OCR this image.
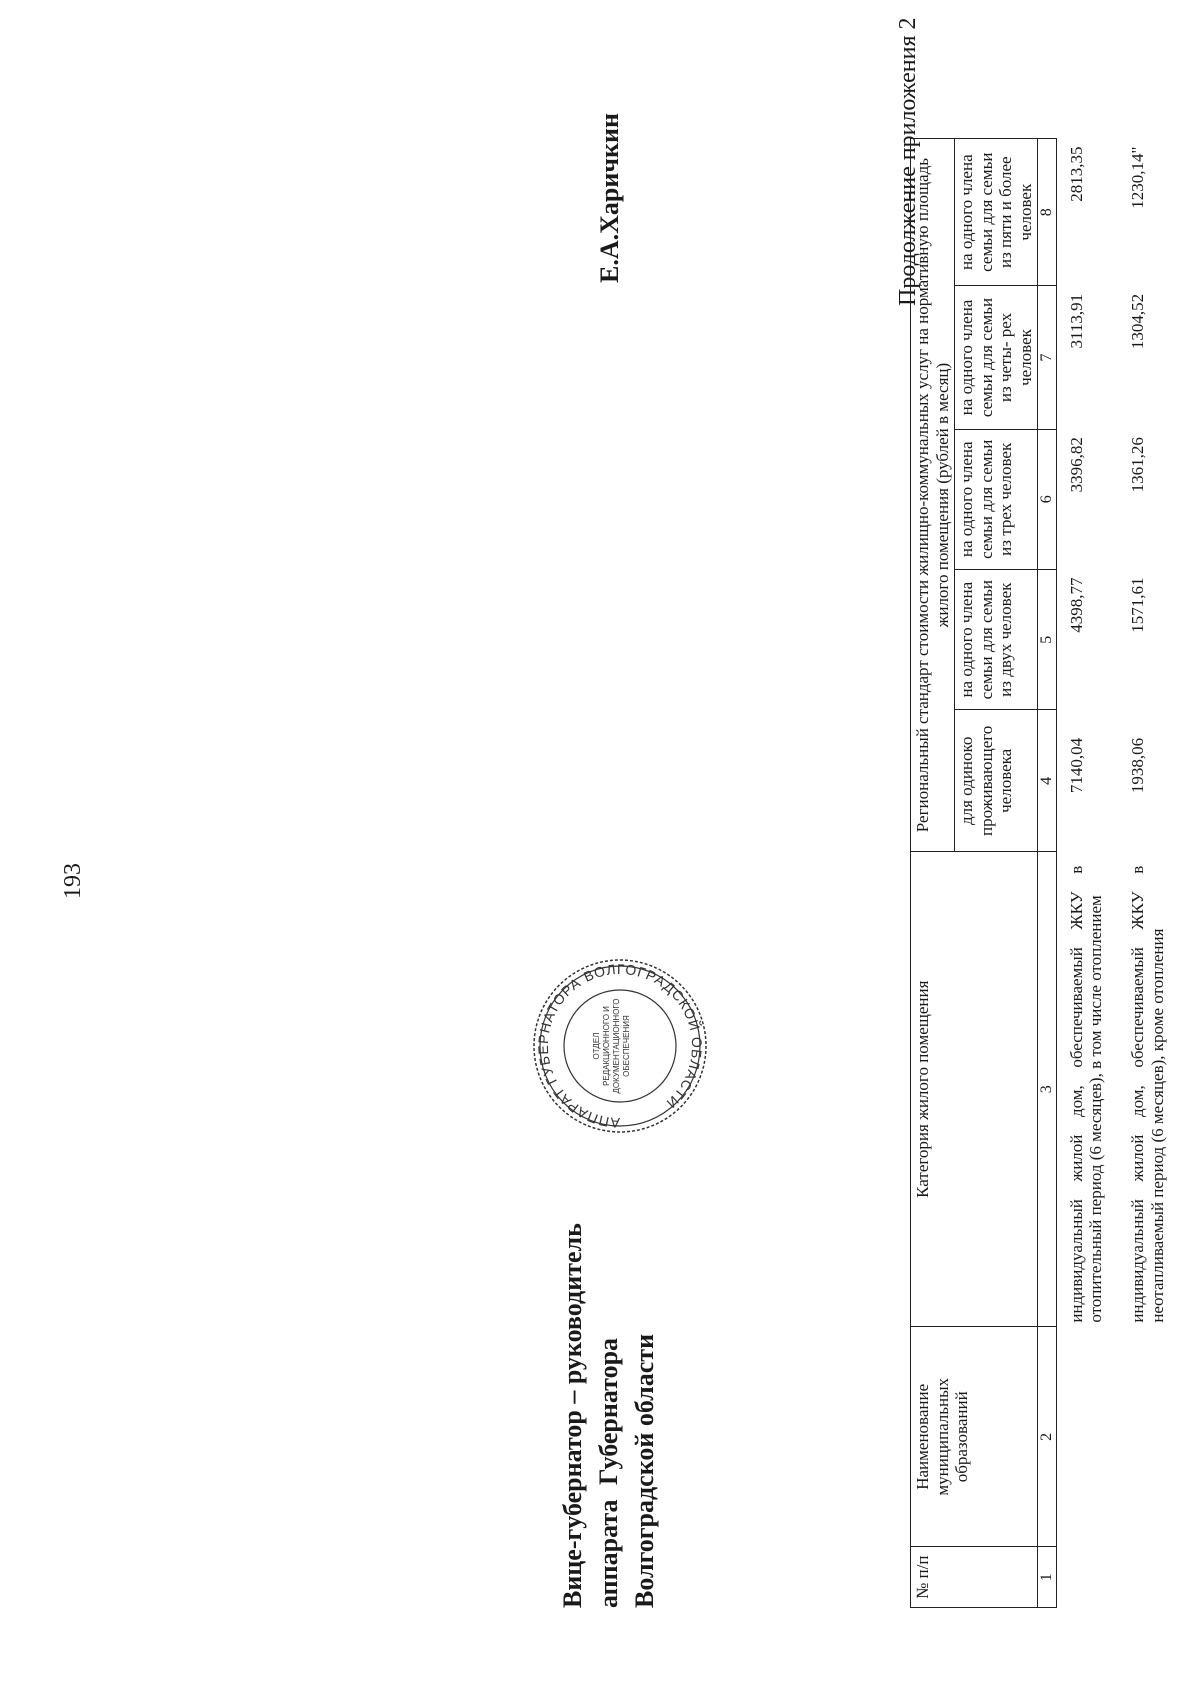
193
Продолжение приложения 2
№ п/п	Наименование муниципальных образований	Категория жилого помещения	Региональный стандарт стоимости жилищно-коммунальных услуг на нормативную площадь жилого помещения (рублей в месяц)				
			для одиноко проживающего человека	на одного члена семьи для семьи из двух человек	на одного члена семьи для семьи из трех человек	на одного члена семьи для семьи из четы- рех человек	на одного члена семьи для семьи из пяти и более человек
1	2	3	4	5	6	7	8
		индивидуальный жилой дом, обеспечиваемый ЖКУ в отопительный период (6 месяцев), в том числе отоплением	7140,04	4398,77	3396,82	3113,91	2813,35
		индивидуальный жилой дом, обеспечиваемый ЖКУ в неотапливаемый период (6 месяцев), кроме отопления	1938,06	1571,61	1361,26	1304,52	1230,14"
АППАРАТ ГУБЕРНАТОРА ВОЛГОГРАДСКОЙ ОБЛАСТИ
ОТДЕЛ РЕДАКЦИОННОГО И ДОКУМЕНТАЦИОННОГО ОБЕСПЕЧЕНИЯ
Вице-губернатор – руководитель аппарата Губернатора Волгоградской области
Е.А.Харичкин
